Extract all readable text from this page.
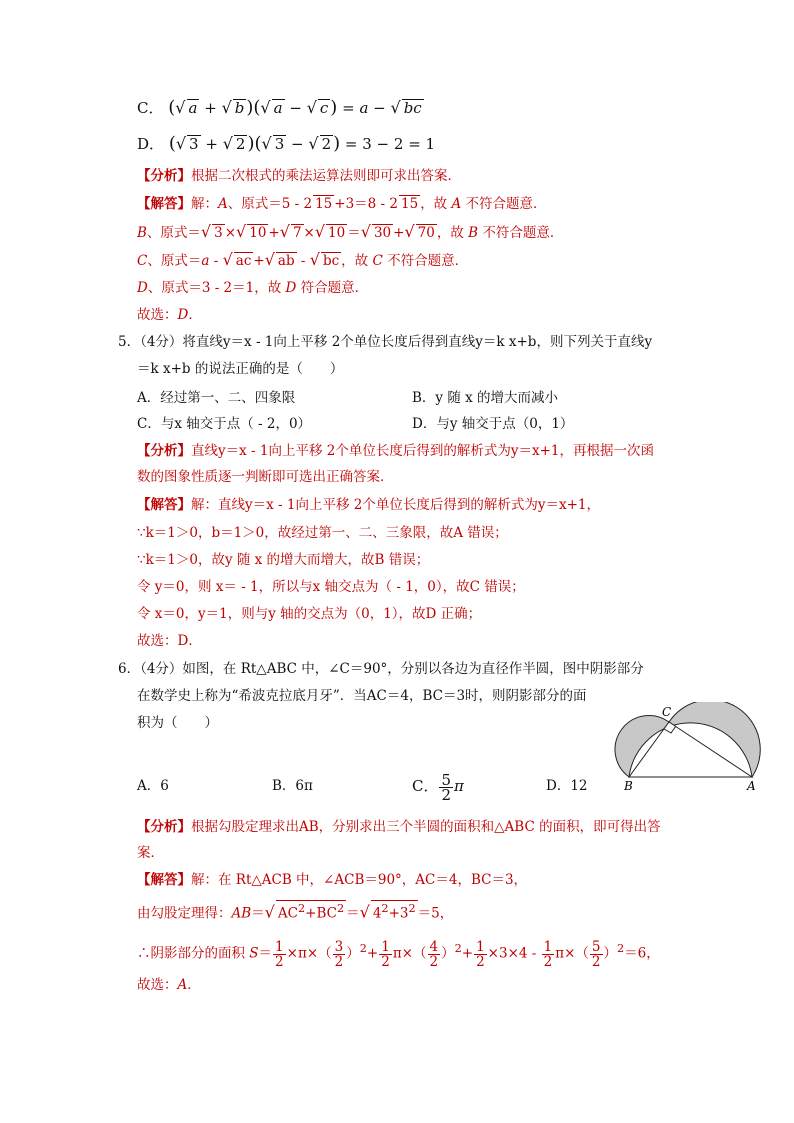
C． (√ a + √ b )(√ a − √ c ) = a − √ bc
D． (√ 3 + √ 2 )(√ 3 − √ 2 ) = 3 − 2 = 1
【分析】根据二次根式的乘法运算法则即可求出答案．
【解答】解：A、原式＝5 - 2 15 +3＝8 - 2 15 ，故 A 不符合题意．
B、原式＝√ 3 ×√ 10 +√ 7 ×√ 10 ＝√ 30 +√ 70 ，故 B 不符合题意．
C、原式＝a - √ ac +√ ab - √ bc ，故 C 不符合题意．
D、原式＝3 - 2＝1，故 D 符合题意．
故选：D．
5．（4分）将直线y＝x - 1向上平移 2个单位长度后得到直线y＝k x+b，则下列关于直线y
＝k x+b 的说法正确的是（　　）
A．经过第一、二、四象限	B．y 随 x 的增大而减小
C．与x 轴交于点（ - 2，0）	D．与y 轴交于点（0，1）
【分析】直线y＝x - 1向上平移 2个单位长度后得到的解析式为y＝x+1，再根据一次函
数的图象性质逐一判断即可选出正确答案．
【解答】解：直线y＝x - 1向上平移 2个单位长度后得到的解析式为y＝x+1，
∵k＝1＞0，b＝1＞0，故经过第一、二、三象限，故A 错误；
∵k＝1＞0，故y 随 x 的增大而增大，故B 错误；
令 y＝0，则 x＝ - 1，所以与x 轴交点为（ - 1，0），故C 错误；
令 x＝0，y＝1，则与y 轴的交点为（0，1），故D 正确；
故选：D．
6．（4分）如图，在 Rt△ABC 中，∠C＝90°，分别以各边为直径作半圆，图中阴影部分
在数学史上称为“希波克拉底月牙”．当AC＝4，BC＝3时，则阴影部分的面
积为（　　）
C
B	A
A．6	B．6π	C． $\frac{5}{2}$ π	D．12
【分析】根据勾股定理求出AB，分别求出三个半圆的面积和△ABC 的面积，即可得出答
案．
【解答】解：在 Rt△ACB 中，∠ACB＝90°，AC＝4，BC＝3，
由勾股定理得：AB＝√ $AC^2+BC^2$ ＝√ $4^2+3^2 =5$，
∴阴影部分的面积 $S= \frac{1}{2} \times\pi\times( \frac{3}{2} )^2+ \frac{1}{2} \pi\times( \frac{4}{2} )^2+ \frac{1}{2} \times 3\times 4 - \frac{1}{2} \pi\times( \frac{5}{2} )^2=6$，
故选：A．
